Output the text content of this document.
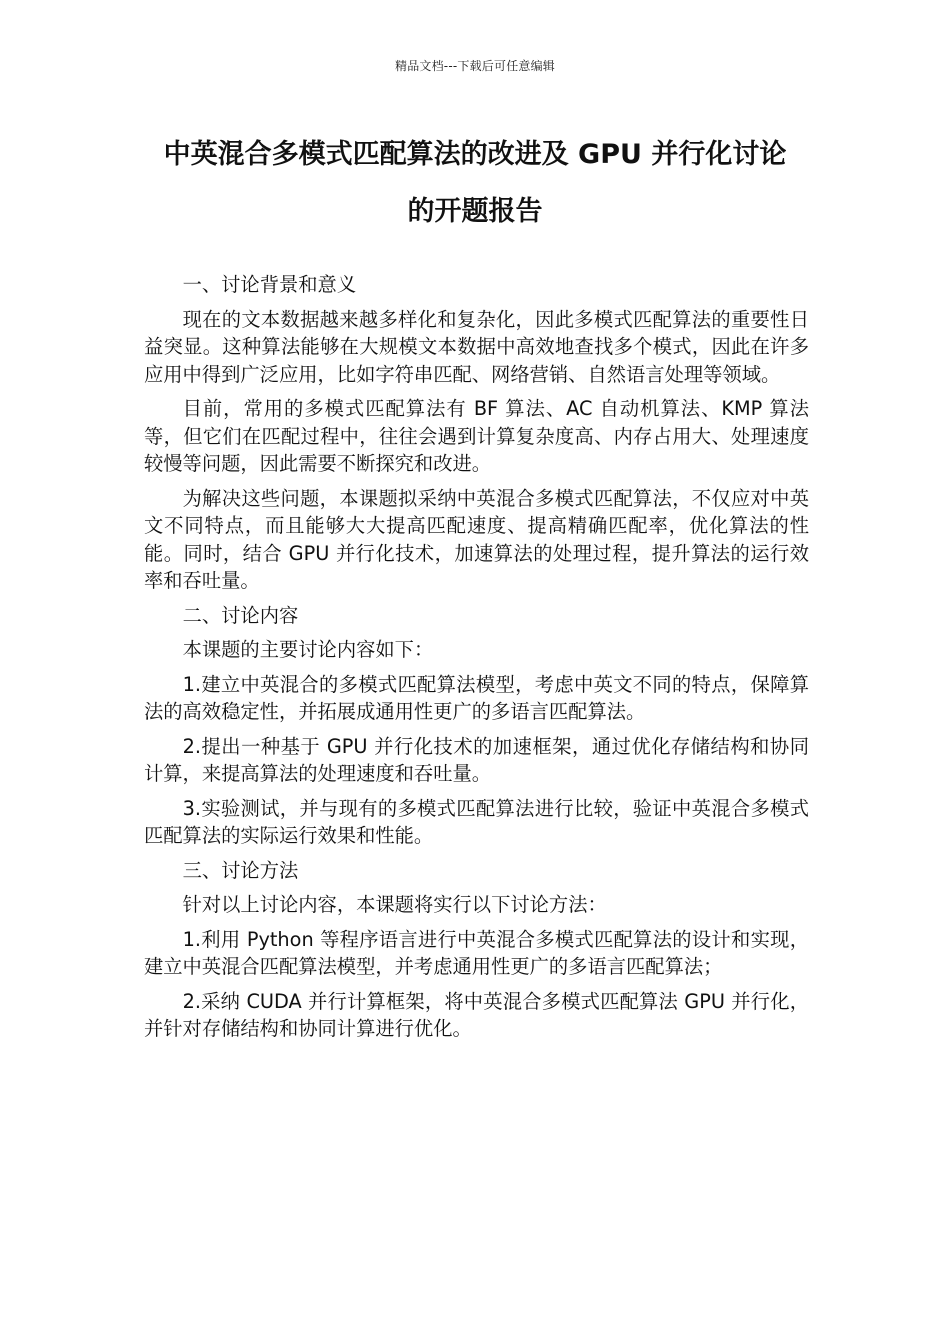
精品文档---下载后可任意编辑
中英混合多模式匹配算法的改进及 GPU 并行化讨论
的开题报告

一、讨论背景和意义

现在的文本数据越来越多样化和复杂化，因此多模式匹配算法的重要性日益突显。这种算法能够在大规模文本数据中高效地查找多个模式，因此在许多应用中得到广泛应用，比如字符串匹配、网络营销、自然语言处理等领域。

目前，常用的多模式匹配算法有 BF 算法、AC 自动机算法、KMP 算法等，但它们在匹配过程中，往往会遇到计算复杂度高、内存占用大、处理速度较慢等问题，因此需要不断探究和改进。

为解决这些问题，本课题拟采纳中英混合多模式匹配算法，不仅应对中英文不同特点，而且能够大大提高匹配速度、提高精确匹配率，优化算法的性能。同时，结合 GPU 并行化技术，加速算法的处理过程，提升算法的运行效率和吞吐量。

二、讨论内容

本课题的主要讨论内容如下：

1.建立中英混合的多模式匹配算法模型，考虑中英文不同的特点，保障算法的高效稳定性，并拓展成通用性更广的多语言匹配算法。

2.提出一种基于 GPU 并行化技术的加速框架，通过优化存储结构和协同计算，来提高算法的处理速度和吞吐量。

3.实验测试，并与现有的多模式匹配算法进行比较，验证中英混合多模式匹配算法的实际运行效果和性能。

三、讨论方法

针对以上讨论内容，本课题将实行以下讨论方法：

1.利用 Python 等程序语言进行中英混合多模式匹配算法的设计和实现，建立中英混合匹配算法模型，并考虑通用性更广的多语言匹配算法；

2.采纳 CUDA 并行计算框架，将中英混合多模式匹配算法 GPU 并行化，并针对存储结构和协同计算进行优化。
